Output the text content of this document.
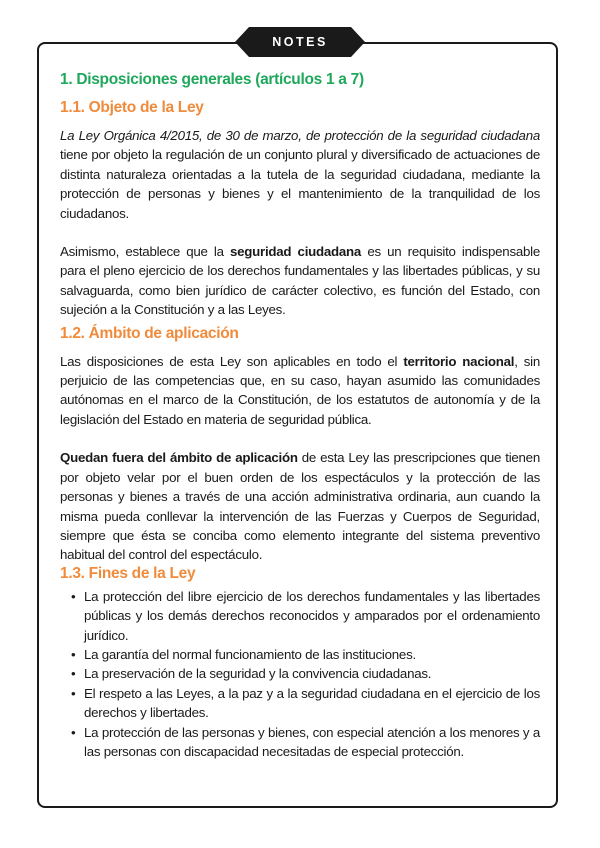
NOTES
1. Disposiciones generales (artículos 1 a 7)
1.1. Objeto de la Ley

La Ley Orgánica 4/2015, de 30 de marzo, de protección de la seguridad ciudadana tiene por objeto la regulación de un conjunto plural y diversificado de actuaciones de distinta naturaleza orientadas a la tutela de la seguridad ciudadana, mediante la protección de personas y bienes y el mantenimiento de la tranquilidad de los ciudadanos.

Asimismo, establece que la seguridad ciudadana es un requisito indispensable para el pleno ejercicio de los derechos fundamentales y las libertades públicas, y su salvaguarda, como bien jurídico de carácter colectivo, es función del Estado, con sujeción a la Constitución y a las Leyes.

1.2. Ámbito de aplicación

Las disposiciones de esta Ley son aplicables en todo el territorio nacional, sin perjuicio de las competencias que, en su caso, hayan asumido las comunidades autónomas en el marco de la Constitución, de los estatutos de autonomía y de la legislación del Estado en materia de seguridad pública.

Quedan fuera del ámbito de aplicación de esta Ley las prescripciones que tienen por objeto velar por el buen orden de los espectáculos y la protección de las personas y bienes a través de una acción administrativa ordinaria, aun cuando la misma pueda conllevar la intervención de las Fuerzas y Cuerpos de Seguridad, siempre que ésta se conciba como elemento integrante del sistema preventivo habitual del control del espectáculo.

1.3. Fines de la Ley
• La protección del libre ejercicio de los derechos fundamentales y las libertades públicas y los demás derechos reconocidos y amparados por el ordenamiento jurídico.
• La garantía del normal funcionamiento de las instituciones.
• La preservación de la seguridad y la convivencia ciudadanas.
• El respeto a las Leyes, a la paz y a la seguridad ciudadana en el ejercicio de los derechos y libertades.
• La protección de las personas y bienes, con especial atención a los menores y a las personas con discapacidad necesitadas de especial protección.
